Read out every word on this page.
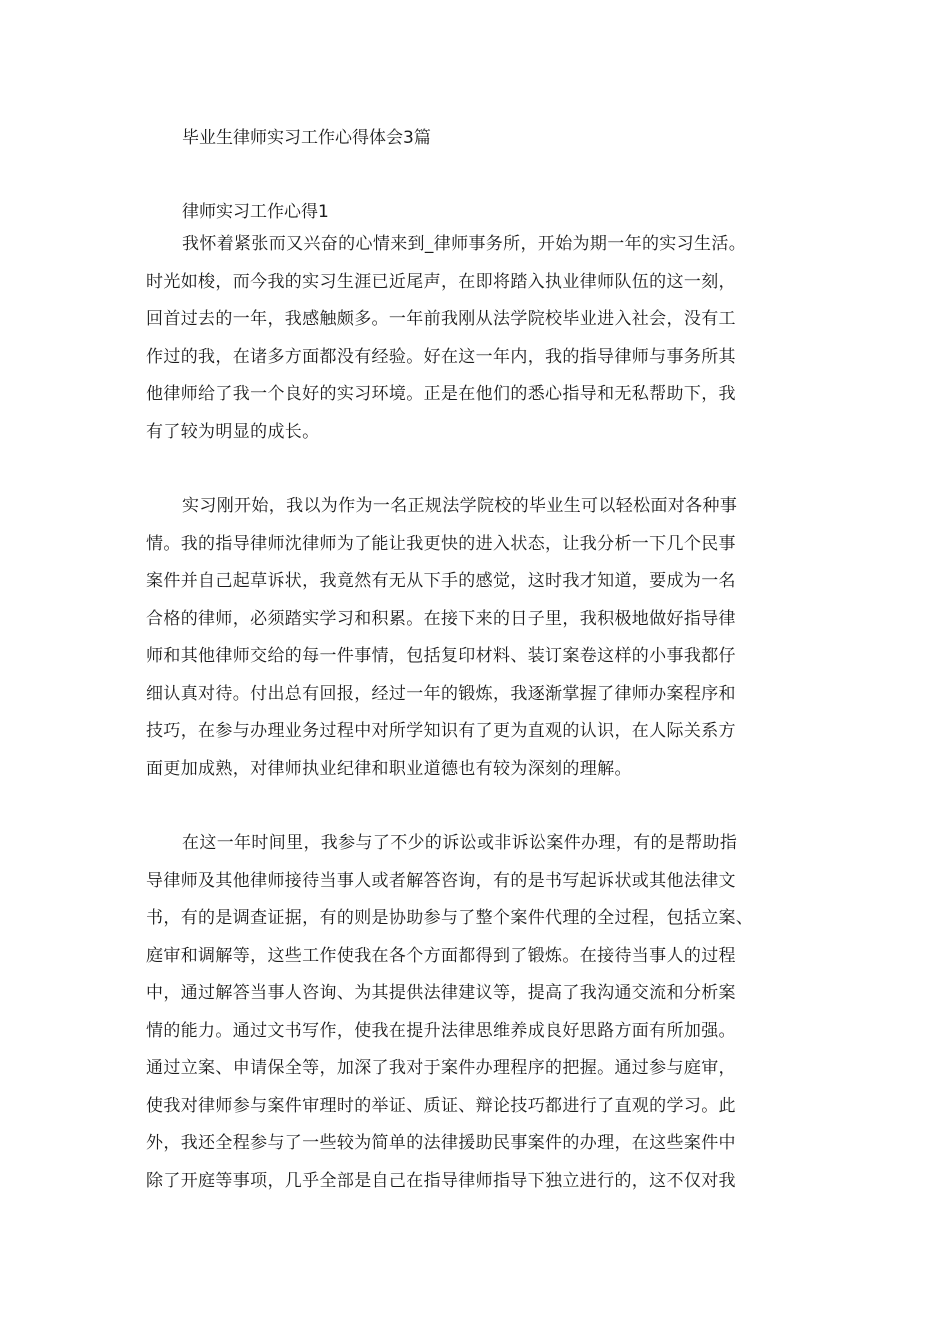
毕业生律师实习工作心得体会3篇
律师实习工作心得1
我怀着紧张而又兴奋的心情来到_律师事务所，开始为期一年的实习生活。
时光如梭，而今我的实习生涯已近尾声，在即将踏入执业律师队伍的这一刻，
回首过去的一年，我感触颇多。一年前我刚从法学院校毕业进入社会，没有工
作过的我，在诸多方面都没有经验。好在这一年内，我的指导律师与事务所其
他律师给了我一个良好的实习环境。正是在他们的悉心指导和无私帮助下，我
有了较为明显的成长。
实习刚开始，我以为作为一名正规法学院校的毕业生可以轻松面对各种事
情。我的指导律师沈律师为了能让我更快的进入状态，让我分析一下几个民事
案件并自己起草诉状，我竟然有无从下手的感觉，这时我才知道，要成为一名
合格的律师，必须踏实学习和积累。在接下来的日子里，我积极地做好指导律
师和其他律师交给的每一件事情，包括复印材料、装订案卷这样的小事我都仔
细认真对待。付出总有回报，经过一年的锻炼，我逐渐掌握了律师办案程序和
技巧，在参与办理业务过程中对所学知识有了更为直观的认识，在人际关系方
面更加成熟，对律师执业纪律和职业道德也有较为深刻的理解。
在这一年时间里，我参与了不少的诉讼或非诉讼案件办理，有的是帮助指
导律师及其他律师接待当事人或者解答咨询，有的是书写起诉状或其他法律文
书，有的是调查证据，有的则是协助参与了整个案件代理的全过程，包括立案、
庭审和调解等，这些工作使我在各个方面都得到了锻炼。在接待当事人的过程
中，通过解答当事人咨询、为其提供法律建议等，提高了我沟通交流和分析案
情的能力。通过文书写作，使我在提升法律思维养成良好思路方面有所加强。
通过立案、申请保全等，加深了我对于案件办理程序的把握。通过参与庭审，
使我对律师参与案件审理时的举证、质证、辩论技巧都进行了直观的学习。此
外，我还全程参与了一些较为简单的法律援助民事案件的办理，在这些案件中
除了开庭等事项，几乎全部是自己在指导律师指导下独立进行的，这不仅对我
